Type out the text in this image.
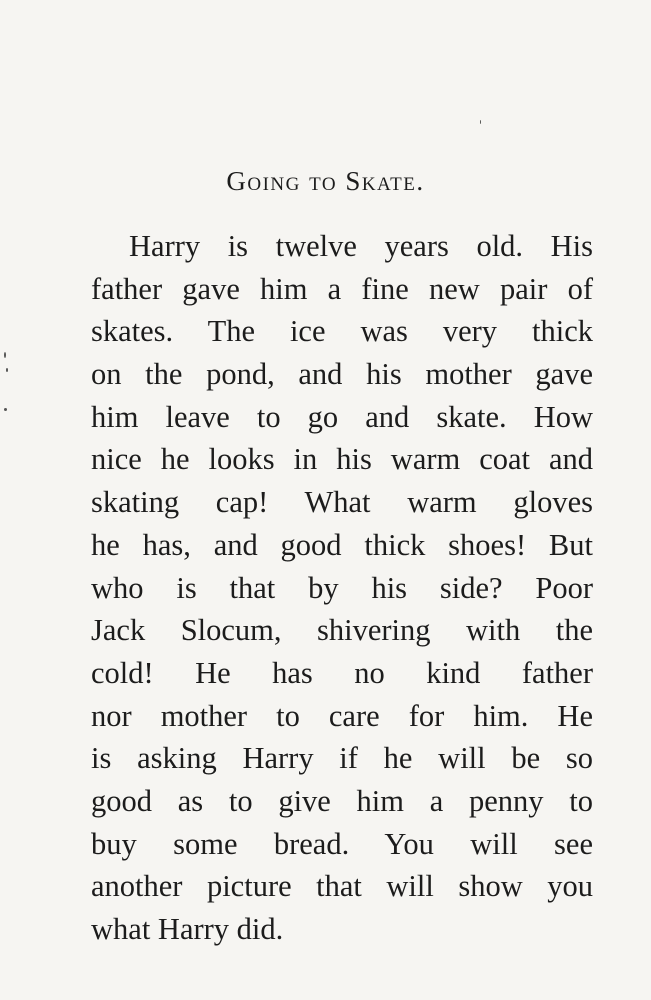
Going to Skate.
Harry is twelve years old. His
father gave him a fine new pair of
skates. The ice was very thick
on the pond, and his mother gave
him leave to go and skate. How
nice he looks in his warm coat and
skating cap! What warm gloves
he has, and good thick shoes! But
who is that by his side? Poor
Jack Slocum, shivering with the
cold! He has no kind father
nor mother to care for him. He
is asking Harry if he will be so
good as to give him a penny to
buy some bread. You will see
another picture that will show you
what Harry did.
